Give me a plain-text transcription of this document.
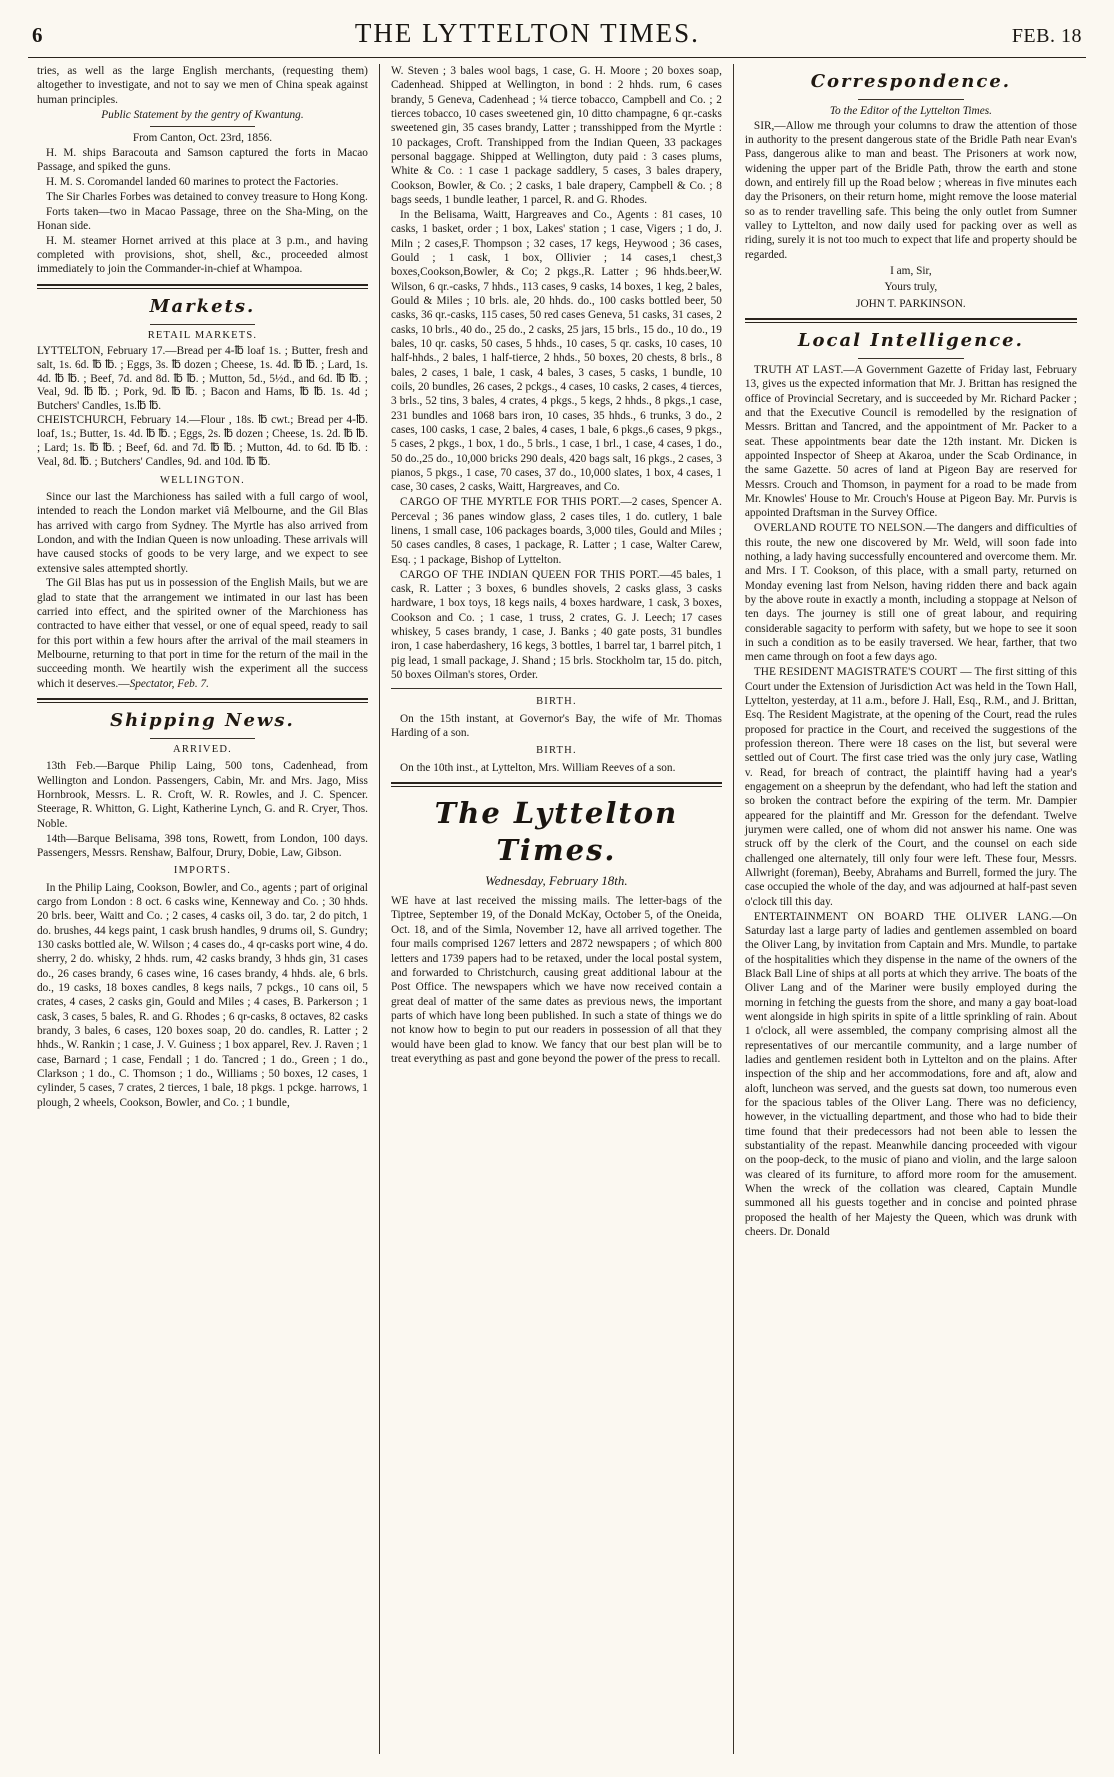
6	THE LYTTELTON TIMES.	FEB. 18

tries, as well as the large English merchants, (requesting them) altogether to investigate, and not to say we men of China speak against human principles.

Public Statement by the gentry of Kwantung.

From Canton, Oct. 23rd, 1856.

H. M. ships Baracouta and Samson captured the forts in Macao Passage, and spiked the guns.

H. M. S. Coromandel landed 60 marines to protect the Factories.

The Sir Charles Forbes was detained to convey treasure to Hong Kong.

Forts taken—two in Macao Passage, three on the Sha-Ming, on the Honan side.

H. M. steamer Hornet arrived at this place at 3 p.m., and having completed with provisions, shot, shell, &c., proceeded almost immediately to join the Commander-in-chief at Whampoa.

Markets.
RETAIL MARKETS.

LYTTELTON, February 17.—Bread per 4-℔ loaf 1s. ; Butter, fresh and salt, 1s. 6d. ℔ ℔. ; Eggs, 3s. ℔ dozen ; Cheese, 1s. 4d. ℔ ℔. ; Lard, 1s. 4d. ℔ ℔. ; Beef, 7d. and 8d. ℔ ℔. ; Mutton, 5d., 5½d., and 6d. ℔ ℔. ; Veal, 9d. ℔ ℔. ; Pork, 9d. ℔ ℔. ; Bacon and Hams, ℔ ℔. 1s. 4d ; Butchers' Candles, 1s.℔ ℔.

CHEISTCHURCH, February 14.—Flour , 18s. ℔ cwt.; Bread per 4-℔. loaf, 1s.; Butter, 1s. 4d. ℔ ℔. ; Eggs, 2s. ℔ dozen ; Cheese, 1s. 2d. ℔ ℔. ; Lard; 1s. ℔ ℔. ; Beef, 6d. and 7d. ℔ ℔. ; Mutton, 4d. to 6d. ℔ ℔. : Veal, 8d. ℔. ; Butchers' Candles, 9d. and 10d. ℔ ℔.

WELLINGTON.

Since our last the Marchioness has sailed with a full cargo of wool, intended to reach the London market viâ Melbourne, and the Gil Blas has arrived with cargo from Sydney. The Myrtle has also arrived from London, and with the Indian Queen is now unloading. These arrivals will have caused stocks of goods to be very large, and we expect to see extensive sales attempted shortly.

The Gil Blas has put us in possession of the English Mails, but we are glad to state that the arrangement we intimated in our last has been carried into effect, and the spirited owner of the Marchioness has contracted to have either that vessel, or one of equal speed, ready to sail for this port within a few hours after the arrival of the mail steamers in Melbourne, returning to that port in time for the return of the mail in the succeeding month. We heartily wish the experiment all the success which it deserves.—Spectator, Feb. 7.

Shipping News.
ARRIVED.

13th Feb.—Barque Philip Laing, 500 tons, Cadenhead, from Wellington and London. Passengers, Cabin, Mr. and Mrs. Jago, Miss Hornbrook, Messrs. L. R. Croft, W. R. Rowles, and J. C. Spencer. Steerage, R. Whitton, G. Light, Katherine Lynch, G. and R. Cryer, Thos. Noble.

14th—Barque Belisama, 398 tons, Rowett, from London, 100 days. Passengers, Messrs. Renshaw, Balfour, Drury, Dobie, Law, Gibson.

IMPORTS.

In the Philip Laing, Cookson, Bowler, and Co., agents ; part of original cargo from London : 8 oct. 6 casks wine, Kenneway and Co. ; 30 hhds. 20 brls. beer, Waitt and Co. ; 2 cases, 4 casks oil, 3 do. tar, 2 do pitch, 1 do. brushes, 44 kegs paint, 1 cask brush handles, 9 drums oil, S. Gundry; 130 casks bottled ale, W. Wilson ; 4 cases do., 4 qr-casks port wine, 4 do. sherry, 2 do. whisky, 2 hhds. rum, 42 casks brandy, 3 hhds gin, 31 cases do., 26 cases brandy, 6 cases wine, 16 cases brandy, 4 hhds. ale, 6 brls. do., 19 casks, 18 boxes candles, 8 kegs nails, 7 pckgs., 10 cans oil, 5 crates, 4 cases, 2 casks gin, Gould and Miles ; 4 cases, B. Parkerson ; 1 cask, 3 cases, 5 bales, R. and G. Rhodes ; 6 qr-casks, 8 octaves, 82 casks brandy, 3 bales, 6 cases, 120 boxes soap, 20 do. candles, R. Latter ; 2 hhds., W. Rankin ; 1 case, J. V. Guiness ; 1 box apparel, Rev. J. Raven ; 1 case, Barnard ; 1 case, Fendall ; 1 do. Tancred ; 1 do., Green ; 1 do., Clarkson ; 1 do., C. Thomson ; 1 do., Williams ; 50 boxes, 12 cases, 1 cylinder, 5 cases, 7 crates, 2 tierces, 1 bale, 18 pkgs. 1 pckge. harrows, 1 plough, 2 wheels, Cookson, Bowler, and Co. ; 1 bundle,

W. Steven ; 3 bales wool bags, 1 case, G. H. Moore ; 20 boxes soap, Cadenhead. Shipped at Wellington, in bond : 2 hhds. rum, 6 cases brandy, 5 Geneva, Cadenhead ; ¼ tierce tobacco, Campbell and Co. ; 2 tierces tobacco, 10 cases sweetened gin, 10 ditto champagne, 6 qr.-casks sweetened gin, 35 cases brandy, Latter ; transshipped from the Myrtle : 10 packages, Croft. Transhipped from the Indian Queen, 33 packages personal baggage. Shipped at Wellington, duty paid : 3 cases plums, White & Co. : 1 case 1 package saddlery, 5 cases, 3 bales drapery, Cookson, Bowler, & Co. ; 2 casks, 1 bale drapery, Campbell & Co. ; 8 bags seeds, 1 bundle leather, 1 parcel, R. and G. Rhodes.

In the Belisama, Waitt, Hargreaves and Co., Agents : 81 cases, 10 casks, 1 basket, order ; 1 box, Lakes' station ; 1 case, Vigers ; 1 do, J. Miln ; 2 cases,F. Thompson ; 32 cases, 17 kegs, Heywood ; 36 cases, Gould ; 1 cask, 1 box, Ollivier ; 14 cases,1 chest,3 boxes,Cookson,Bowler, & Co; 2 pkgs.,R. Latter ; 96 hhds.beer,W. Wilson, 6 qr.-casks, 7 hhds., 113 cases, 9 casks, 14 boxes, 1 keg, 2 bales, Gould & Miles ; 10 brls. ale, 20 hhds. do., 100 casks bottled beer, 50 casks, 36 qr.-casks, 115 cases, 50 red cases Geneva, 51 casks, 31 cases, 2 casks, 10 brls., 40 do., 25 do., 2 casks, 25 jars, 15 brls., 15 do., 10 do., 19 bales, 10 qr. casks, 50 cases, 5 hhds., 10 cases, 5 qr. casks, 10 cases, 10 half-hhds., 2 bales, 1 half-tierce, 2 hhds., 50 boxes, 20 chests, 8 brls., 8 bales, 2 cases, 1 bale, 1 cask, 4 bales, 3 cases, 5 casks, 1 bundle, 10 coils, 20 bundles, 26 cases, 2 pckgs., 4 cases, 10 casks, 2 cases, 4 tierces, 3 brls., 52 tins, 3 bales, 4 crates, 4 pkgs., 5 kegs, 2 hhds., 8 pkgs.,1 case, 231 bundles and 1068 bars iron, 10 cases, 35 hhds., 6 trunks, 3 do., 2 cases, 100 casks, 1 case, 2 bales, 4 cases, 1 bale, 6 pkgs.,6 cases, 9 pkgs., 5 cases, 2 pkgs., 1 box, 1 do., 5 brls., 1 case, 1 brl., 1 case, 4 cases, 1 do., 50 do.,25 do., 10,000 bricks 290 deals, 420 bags salt, 16 pkgs., 2 cases, 3 pianos, 5 pkgs., 1 case, 70 cases, 37 do., 10,000 slates, 1 box, 4 cases, 1 case, 30 cases, 2 casks, Waitt, Hargreaves, and Co.

CARGO OF THE MYRTLE FOR THIS PORT.—2 cases, Spencer A. Perceval ; 36 panes window glass, 2 cases tiles, 1 do. cutlery, 1 bale linens, 1 small case, 106 packages boards, 3,000 tiles, Gould and Miles ; 50 cases candles, 8 cases, 1 package, R. Latter ; 1 case, Walter Carew, Esq. ; 1 package, Bishop of Lyttelton.

CARGO OF THE INDIAN QUEEN FOR THIS PORT.—45 bales, 1 cask, R. Latter ; 3 boxes, 6 bundles shovels, 2 casks glass, 3 casks hardware, 1 box toys, 18 kegs nails, 4 boxes hardware, 1 cask, 3 boxes, Cookson and Co. ; 1 case, 1 truss, 2 crates, G. J. Leech; 17 cases whiskey, 5 cases brandy, 1 case, J. Banks ; 40 gate posts, 31 bundles iron, 1 case haberdashery, 16 kegs, 3 bottles, 1 barrel tar, 1 barrel pitch, 1 pig lead, 1 small package, J. Shand ; 15 brls. Stockholm tar, 15 do. pitch, 50 boxes Oilman's stores, Order.

BIRTH.

On the 15th instant, at Governor's Bay, the wife of Mr. Thomas Harding of a son.

BIRTH.

On the 10th inst., at Lyttelton, Mrs. William Reeves of a son.

The Lyttelton Times.
Wednesday, February 18th.

WE have at last received the missing mails. The letter-bags of the Tiptree, September 19, of the Donald McKay, October 5, of the Oneida, Oct. 18, and of the Simla, November 12, have all arrived together. The four mails comprised 1267 letters and 2872 newspapers ; of which 800 letters and 1739 papers had to be retaxed, under the local postal system, and forwarded to Christchurch, causing great additional labour at the Post Office. The newspapers which we have now received contain a great deal of matter of the same dates as previous news, the important parts of which have long been published. In such a state of things we do not know how to begin to put our readers in possession of all that they would have been glad to know. We fancy that our best plan will be to treat everything as past and gone beyond the power of the press to recall.

Correspondence.

To the Editor of the Lyttelton Times.

SIR,—Allow me through your columns to draw the attention of those in authority to the present dangerous state of the Bridle Path near Evan's Pass, dangerous alike to man and beast. The Prisoners at work now, widening the upper part of the Bridle Path, throw the earth and stone down, and entirely fill up the Road below ; whereas in five minutes each day the Prisoners, on their return home, might remove the loose material so as to render travelling safe. This being the only outlet from Sumner valley to Lyttelton, and now daily used for packing over as well as riding, surely it is not too much to expect that life and property should be regarded.

I am, Sir,

Yours truly,

JOHN T. PARKINSON.

Local Intelligence.

TRUTH AT LAST.—A Government Gazette of Friday last, February 13, gives us the expected information that Mr. J. Brittan has resigned the office of Provincial Secretary, and is succeeded by Mr. Richard Packer ; and that the Executive Council is remodelled by the resignation of Messrs. Brittan and Tancred, and the appointment of Mr. Packer to a seat. These appointments bear date the 12th instant. Mr. Dicken is appointed Inspector of Sheep at Akaroa, under the Scab Ordinance, in the same Gazette. 50 acres of land at Pigeon Bay are reserved for Messrs. Crouch and Thomson, in payment for a road to be made from Mr. Knowles' House to Mr. Crouch's House at Pigeon Bay. Mr. Purvis is appointed Draftsman in the Survey Office.

OVERLAND ROUTE TO NELSON.—The dangers and difficulties of this route, the new one discovered by Mr. Weld, will soon fade into nothing, a lady having successfully encountered and overcome them. Mr. and Mrs. I T. Cookson, of this place, with a small party, returned on Monday evening last from Nelson, having ridden there and back again by the above route in exactly a month, including a stoppage at Nelson of ten days. The journey is still one of great labour, and requiring considerable sagacity to perform with safety, but we hope to see it soon in such a condition as to be easily traversed. We hear, farther, that two men came through on foot a few days ago.

THE RESIDENT MAGISTRATE'S COURT — The first sitting of this Court under the Extension of Jurisdiction Act was held in the Town Hall, Lyttelton, yesterday, at 11 a.m., before J. Hall, Esq., R.M., and J. Brittan, Esq. The Resident Magistrate, at the opening of the Court, read the rules proposed for practice in the Court, and received the suggestions of the profession thereon. There were 18 cases on the list, but several were settled out of Court. The first case tried was the only jury case, Watling v. Read, for breach of contract, the plaintiff having had a year's engagement on a sheeprun by the defendant, who had left the station and so broken the contract before the expiring of the term. Mr. Dampier appeared for the plaintiff and Mr. Gresson for the defendant. Twelve jurymen were called, one of whom did not answer his name. One was struck off by the clerk of the Court, and the counsel on each side challenged one alternately, till only four were left. These four, Messrs. Allwright (foreman), Beeby, Abrahams and Burrell, formed the jury. The case occupied the whole of the day, and was adjourned at half-past seven o'clock till this day.

ENTERTAINMENT ON BOARD THE OLIVER LANG.—On Saturday last a large party of ladies and gentlemen assembled on board the Oliver Lang, by invitation from Captain and Mrs. Mundle, to partake of the hospitalities which they dispense in the name of the owners of the Black Ball Line of ships at all ports at which they arrive. The boats of the Oliver Lang and of the Mariner were busily employed during the morning in fetching the guests from the shore, and many a gay boat-load went alongside in high spirits in spite of a little sprinkling of rain. About 1 o'clock, all were assembled, the company comprising almost all the representatives of our mercantile community, and a large number of ladies and gentlemen resident both in Lyttelton and on the plains. After inspection of the ship and her accommodations, fore and aft, alow and aloft, luncheon was served, and the guests sat down, too numerous even for the spacious tables of the Oliver Lang. There was no deficiency, however, in the victualling department, and those who had to bide their time found that their predecessors had not been able to lessen the substantiality of the repast. Meanwhile dancing proceeded with vigour on the poop-deck, to the music of piano and violin, and the large saloon was cleared of its furniture, to afford more room for the amusement. When the wreck of the collation was cleared, Captain Mundle summoned all his guests together and in concise and pointed phrase proposed the health of her Majesty the Queen, which was drunk with cheers. Dr. Donald
